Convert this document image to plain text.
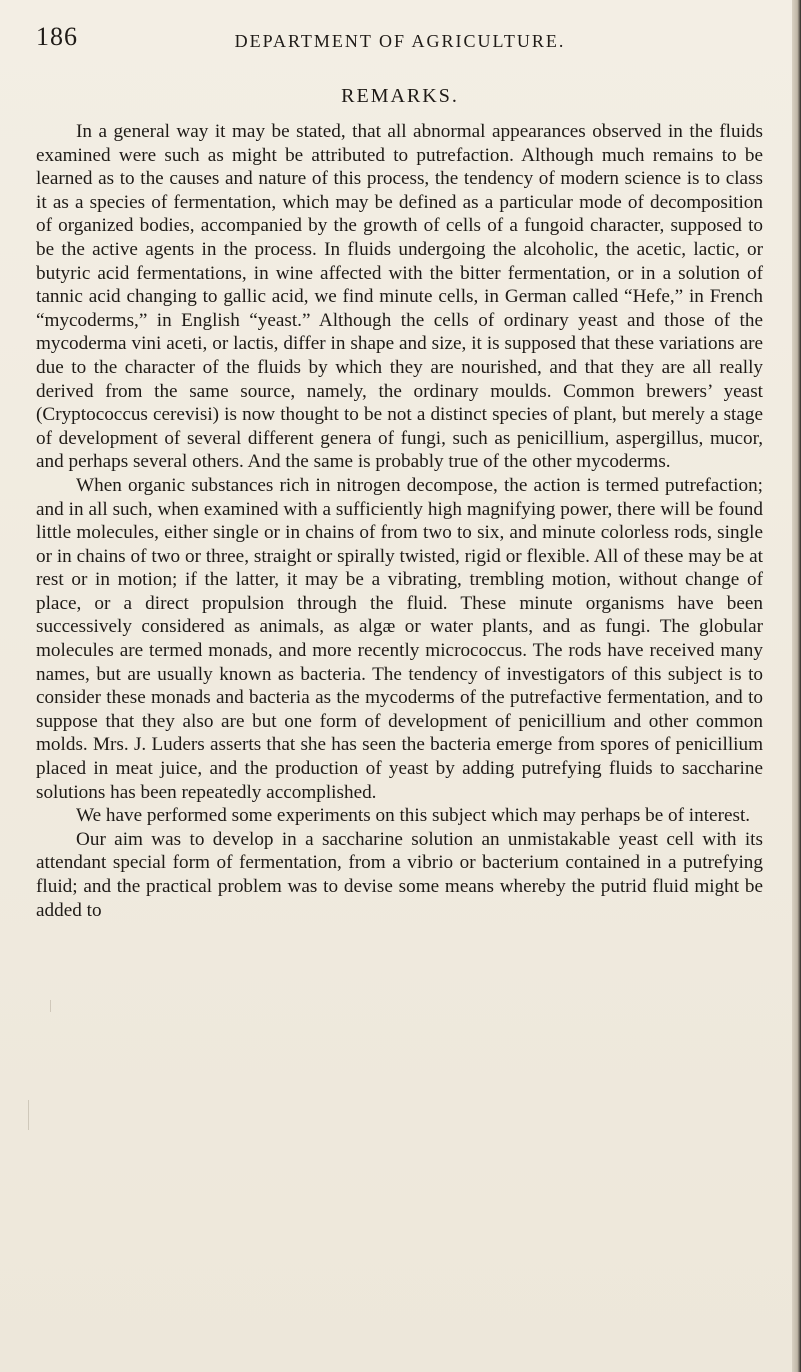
186	DEPARTMENT OF AGRICULTURE.
REMARKS.

In a general way it may be stated, that all abnormal appearances observed in the fluids examined were such as might be attributed to putrefaction. Although much remains to be learned as to the causes and nature of this process, the tendency of modern science is to class it as a species of fermentation, which may be defined as a particular mode of decomposition of organized bodies, accompanied by the growth of cells of a fungoid character, supposed to be the active agents in the process. In fluids undergoing the alcoholic, the acetic, lactic, or butyric acid fermentations, in wine affected with the bitter fermentation, or in a solution of tannic acid changing to gallic acid, we find minute cells, in German called “Hefe,” in French “mycoderms,” in English “yeast.” Although the cells of ordinary yeast and those of the mycoderma vini aceti, or lactis, differ in shape and size, it is supposed that these variations are due to the character of the fluids by which they are nourished, and that they are all really derived from the same source, namely, the ordinary moulds. Common brewers’ yeast (Cryptococcus cerevisi) is now thought to be not a distinct species of plant, but merely a stage of development of several different genera of fungi, such as penicillium, aspergillus, mucor, and perhaps several others. And the same is probably true of the other mycoderms.

When organic substances rich in nitrogen decompose, the action is termed putrefaction; and in all such, when examined with a sufficiently high magnifying power, there will be found little molecules, either single or in chains of from two to six, and minute colorless rods, single or in chains of two or three, straight or spirally twisted, rigid or flexible. All of these may be at rest or in motion; if the latter, it may be a vibrating, trembling motion, without change of place, or a direct propulsion through the fluid. These minute organisms have been successively considered as animals, as algæ or water plants, and as fungi. The globular molecules are termed monads, and more recently micrococcus. The rods have received many names, but are usually known as bacteria. The tendency of investigators of this subject is to consider these monads and bacteria as the mycoderms of the putrefactive fermentation, and to suppose that they also are but one form of development of penicillium and other common molds. Mrs. J. Luders asserts that she has seen the bacteria emerge from spores of penicillium placed in meat juice, and the production of yeast by adding putrefying fluids to saccharine solutions has been repeatedly accomplished.

We have performed some experiments on this subject which may perhaps be of interest.

Our aim was to develop in a saccharine solution an unmistakable yeast cell with its attendant special form of fermentation, from a vibrio or bacterium contained in a putrefying fluid; and the practical problem was to devise some means whereby the putrid fluid might be added to
